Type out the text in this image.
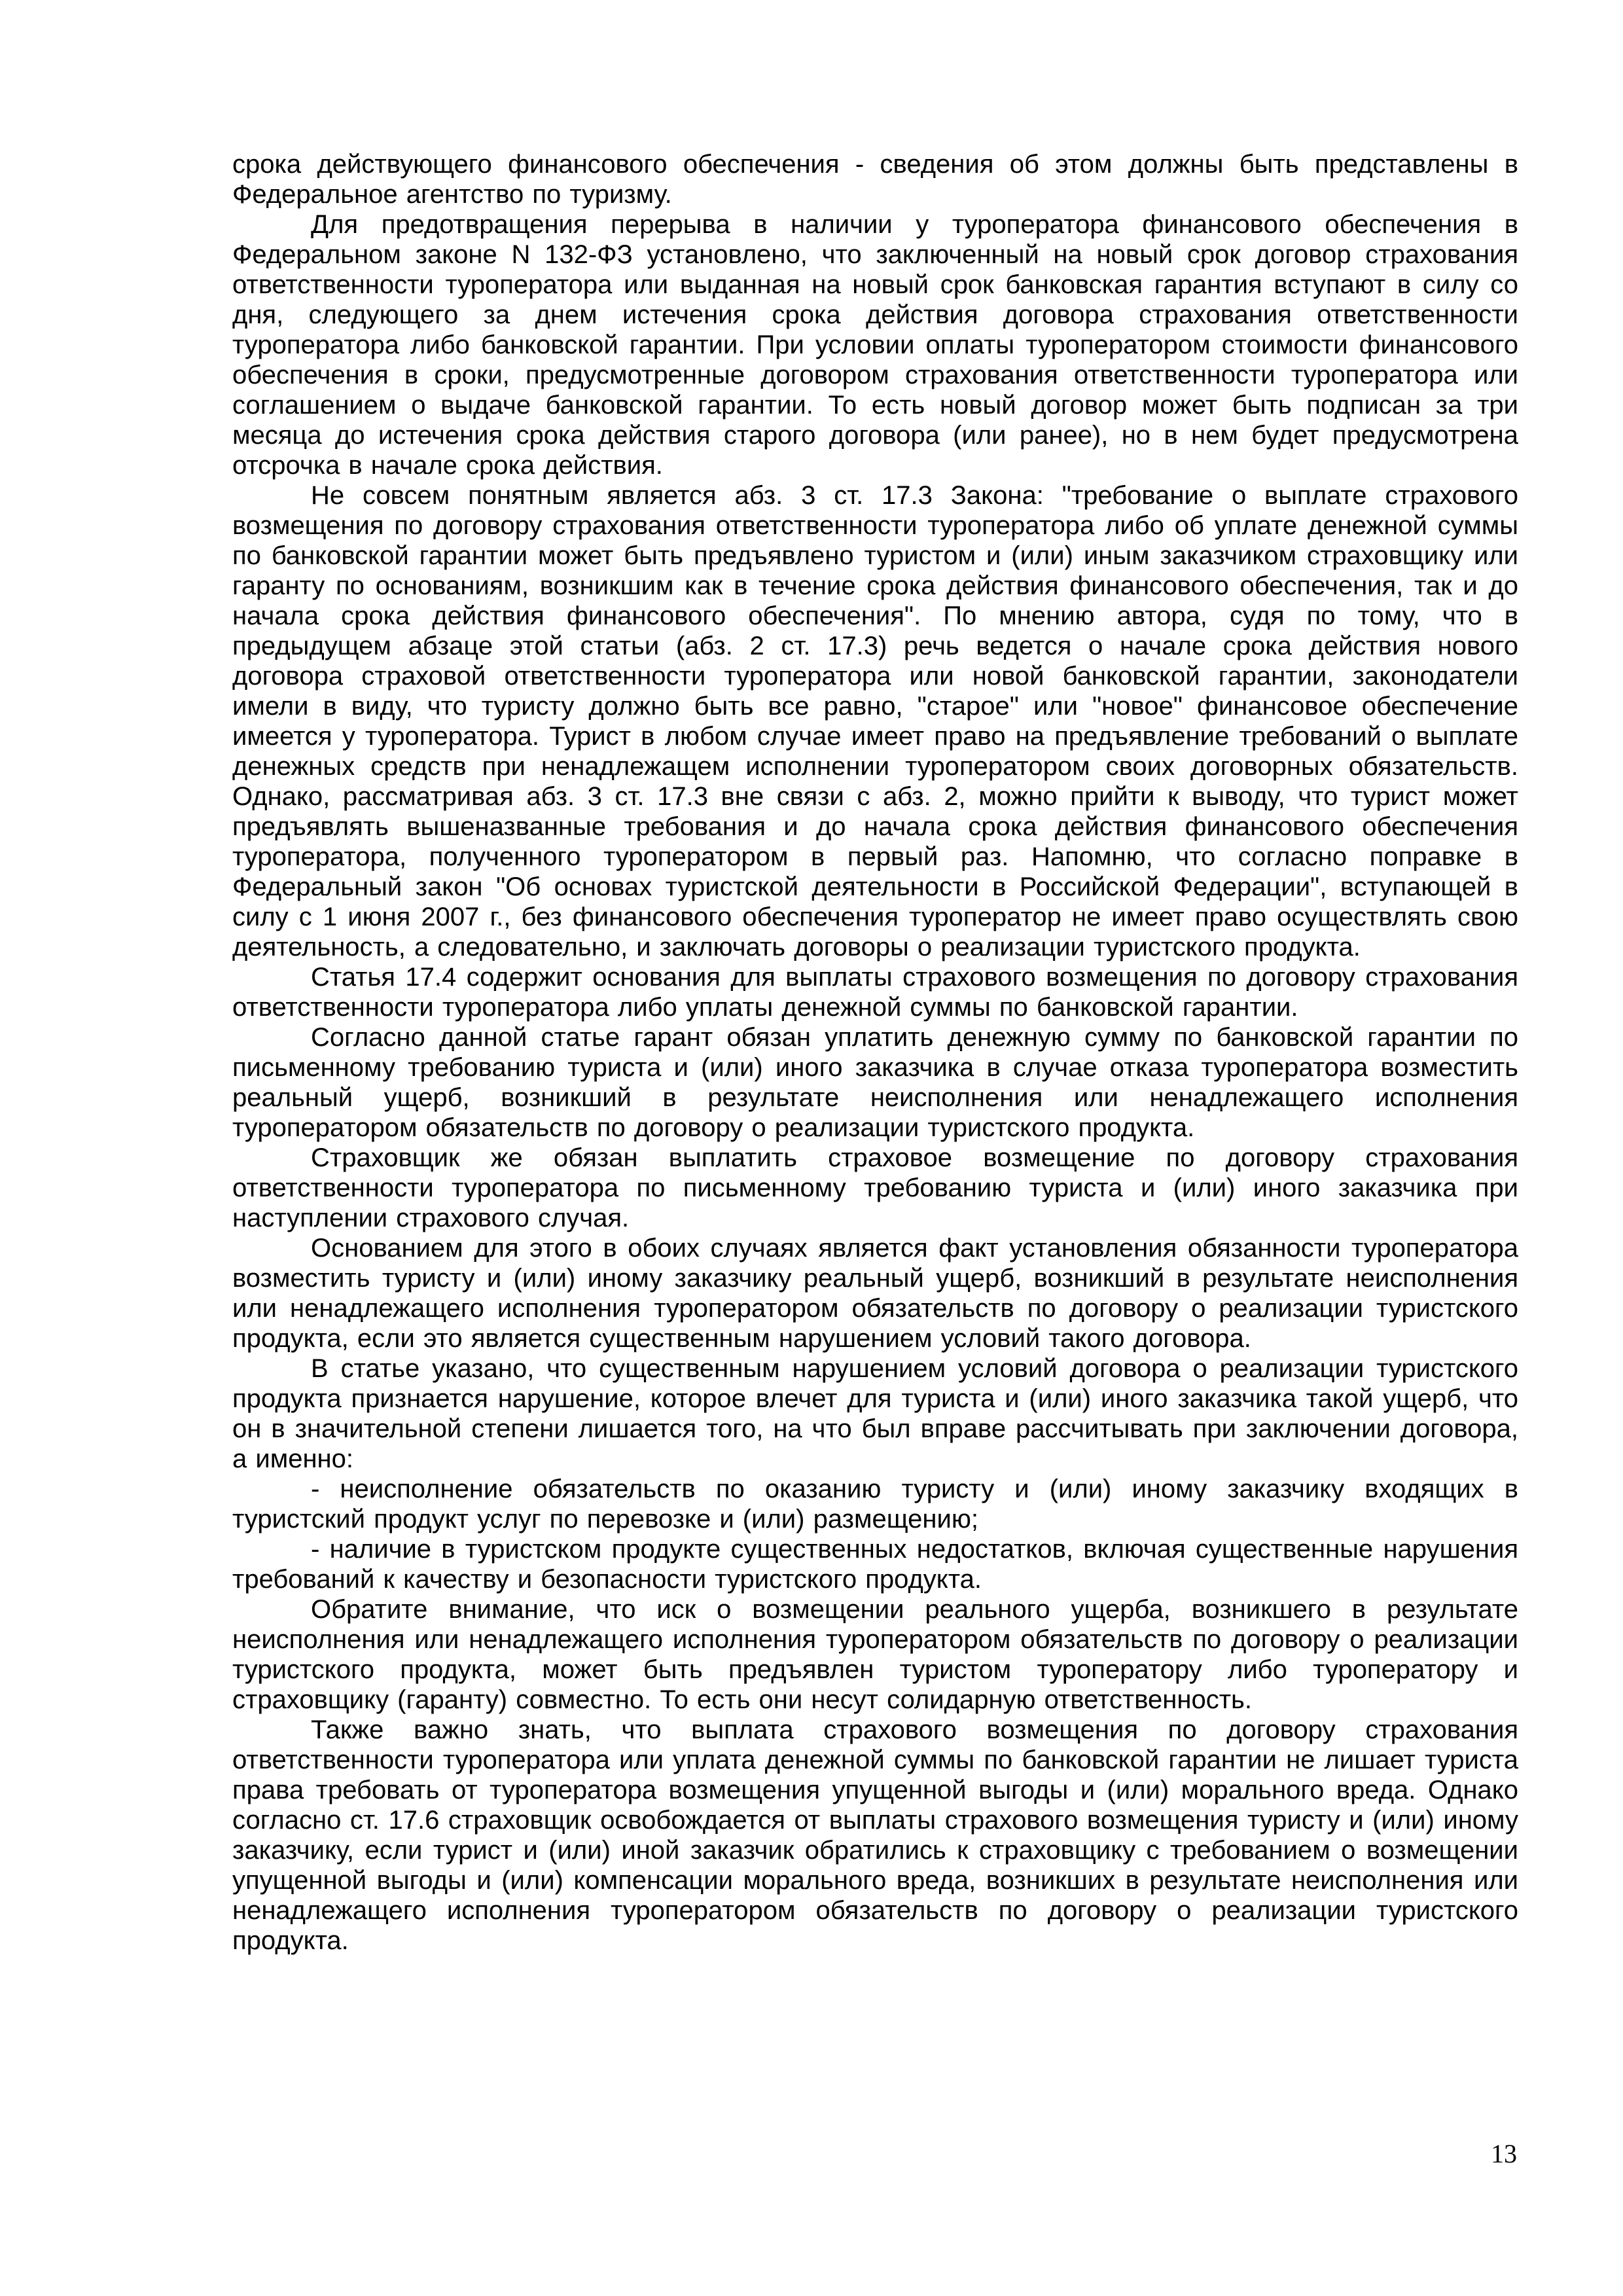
срока действующего финансового обеспечения - сведения об этом должны быть представлены в Федеральное агентство по туризму.

Для предотвращения перерыва в наличии у туроператора финансового обеспечения в Федеральном законе N 132-ФЗ установлено, что заключенный на новый срок договор страхования ответственности туроператора или выданная на новый срок банковская гарантия вступают в силу со дня, следующего за днем истечения срока действия договора страхования ответственности туроператора либо банковской гарантии. При условии оплаты туроператором стоимости финансового обеспечения в сроки, предусмотренные договором страхования ответственности туроператора или соглашением о выдаче банковской гарантии. То есть новый договор может быть подписан за три месяца до истечения срока действия старого договора (или ранее), но в нем будет предусмотрена отсрочка в начале срока действия.

Не совсем понятным является абз. 3 ст. 17.3 Закона: "требование о выплате страхового возмещения по договору страхования ответственности туроператора либо об уплате денежной суммы по банковской гарантии может быть предъявлено туристом и (или) иным заказчиком страховщику или гаранту по основаниям, возникшим как в течение срока действия финансового обеспечения, так и до начала срока действия финансового обеспечения". По мнению автора, судя по тому, что в предыдущем абзаце этой статьи (абз. 2 ст. 17.3) речь ведется о начале срока действия нового договора страховой ответственности туроператора или новой банковской гарантии, законодатели имели в виду, что туристу должно быть все равно, "старое" или "новое" финансовое обеспечение имеется у туроператора. Турист в любом случае имеет право на предъявление требований о выплате денежных средств при ненадлежащем исполнении туроператором своих договорных обязательств. Однако, рассматривая абз. 3 ст. 17.3 вне связи с абз. 2, можно прийти к выводу, что турист может предъявлять вышеназванные требования и до начала срока действия финансового обеспечения туроператора, полученного туроператором в первый раз. Напомню, что согласно поправке в Федеральный закон "Об основах туристской деятельности в Российской Федерации", вступающей в силу с 1 июня 2007 г., без финансового обеспечения туроператор не имеет право осуществлять свою деятельность, а следовательно, и заключать договоры о реализации туристского продукта.

Статья 17.4 содержит основания для выплаты страхового возмещения по договору страхования ответственности туроператора либо уплаты денежной суммы по банковской гарантии.

Согласно данной статье гарант обязан уплатить денежную сумму по банковской гарантии по письменному требованию туриста и (или) иного заказчика в случае отказа туроператора возместить реальный ущерб, возникший в результате неисполнения или ненадлежащего исполнения туроператором обязательств по договору о реализации туристского продукта.

Страховщик же обязан выплатить страховое возмещение по договору страхования ответственности туроператора по письменному требованию туриста и (или) иного заказчика при наступлении страхового случая.

Основанием для этого в обоих случаях является факт установления обязанности туроператора возместить туристу и (или) иному заказчику реальный ущерб, возникший в результате неисполнения или ненадлежащего исполнения туроператором обязательств по договору о реализации туристского продукта, если это является существенным нарушением условий такого договора.

В статье указано, что существенным нарушением условий договора о реализации туристского продукта признается нарушение, которое влечет для туриста и (или) иного заказчика такой ущерб, что он в значительной степени лишается того, на что был вправе рассчитывать при заключении договора, а именно:

- неисполнение обязательств по оказанию туристу и (или) иному заказчику входящих в туристский продукт услуг по перевозке и (или) размещению;

- наличие в туристском продукте существенных недостатков, включая существенные нарушения требований к качеству и безопасности туристского продукта.

Обратите внимание, что иск о возмещении реального ущерба, возникшего в результате неисполнения или ненадлежащего исполнения туроператором обязательств по договору о реализации туристского продукта, может быть предъявлен туристом туроператору либо туроператору и страховщику (гаранту) совместно. То есть они несут солидарную ответственность.

Также важно знать, что выплата страхового возмещения по договору страхования ответственности туроператора или уплата денежной суммы по банковской гарантии не лишает туриста права требовать от туроператора возмещения упущенной выгоды и (или) морального вреда. Однако согласно ст. 17.6 страховщик освобождается от выплаты страхового возмещения туристу и (или) иному заказчику, если турист и (или) иной заказчик обратились к страховщику с требованием о возмещении упущенной выгоды и (или) компенсации морального вреда, возникших в результате неисполнения или ненадлежащего исполнения туроператором обязательств по договору о реализации туристского продукта.

13
